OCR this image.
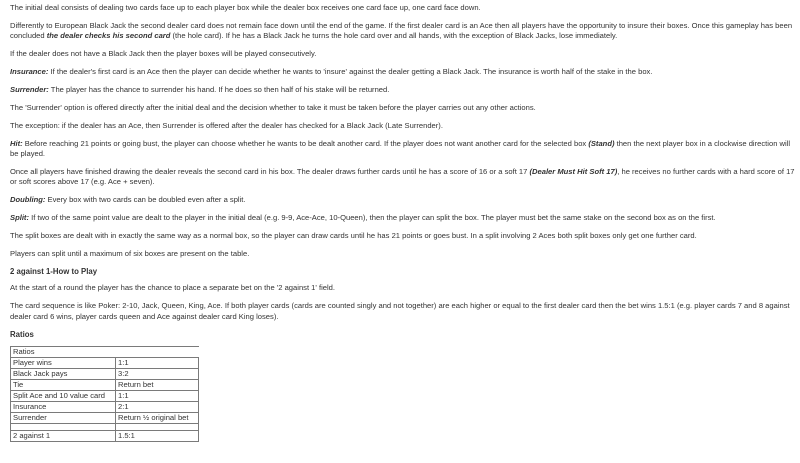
The initial deal consists of dealing two cards face up to each player box while the dealer box receives one card face up, one card face down.

Differently to European Black Jack the second dealer card does not remain face down until the end of the game. If the first dealer card is an Ace then all players have the opportunity to insure their boxes. Once this gameplay has been concluded the dealer checks his second card (the hole card). If he has a Black Jack he turns the hole card over and all hands, with the exception of Black Jacks, lose immediately.

If the dealer does not have a Black Jack then the player boxes will be played consecutively.

Insurance: If the dealer's first card is an Ace then the player can decide whether he wants to 'insure' against the dealer getting a Black Jack. The insurance is worth half of the stake in the box.

Surrender: The player has the chance to surrender his hand. If he does so then half of his stake will be returned.

The 'Surrender' option is offered directly after the initial deal and the decision whether to take it must be taken before the player carries out any other actions.

The exception: if the dealer has an Ace, then Surrender is offered after the dealer has checked for a Black Jack (Late Surrender).

Hit: Before reaching 21 points or going bust, the player can choose whether he wants to be dealt another card. If the player does not want another card for the selected box (Stand) then the next player box in a clockwise direction will be played.

Once all players have finished drawing the dealer reveals the second card in his box. The dealer draws further cards until he has a score of 16 or a soft 17 (Dealer Must Hit Soft 17), he receives no further cards with a hard score of 17 or soft scores above 17 (e.g. Ace + seven).

Doubling: Every box with two cards can be doubled even after a split.

Split: If two of the same point value are dealt to the player in the initial deal (e.g. 9-9, Ace-Ace, 10-Queen), then the player can split the box. The player must bet the same stake on the second box as on the first.

The split boxes are dealt with in exactly the same way as a normal box, so the player can draw cards until he has 21 points or goes bust. In a split involving 2 Aces both split boxes only get one further card.

Players can split until a maximum of six boxes are present on the table.

2 against 1-How to Play

At the start of a round the player has the chance to place a separate bet on the '2 against 1' field.

The card sequence is like Poker: 2-10, Jack, Queen, King, Ace. If both player cards (cards are counted singly and not together) are each higher or equal to the first dealer card then the bet wins 1.5:1 (e.g. player cards 7 and 8 against dealer card 6 wins, player cards queen and Ace against dealer card King loses).

Ratios
Ratios	
Player wins	1:1
Black Jack pays	3:2
Tie	Return bet
Split Ace and 10 value card	1:1
Insurance	2:1
Surrender	Return ½ original bet

2 against 1	1.5:1
